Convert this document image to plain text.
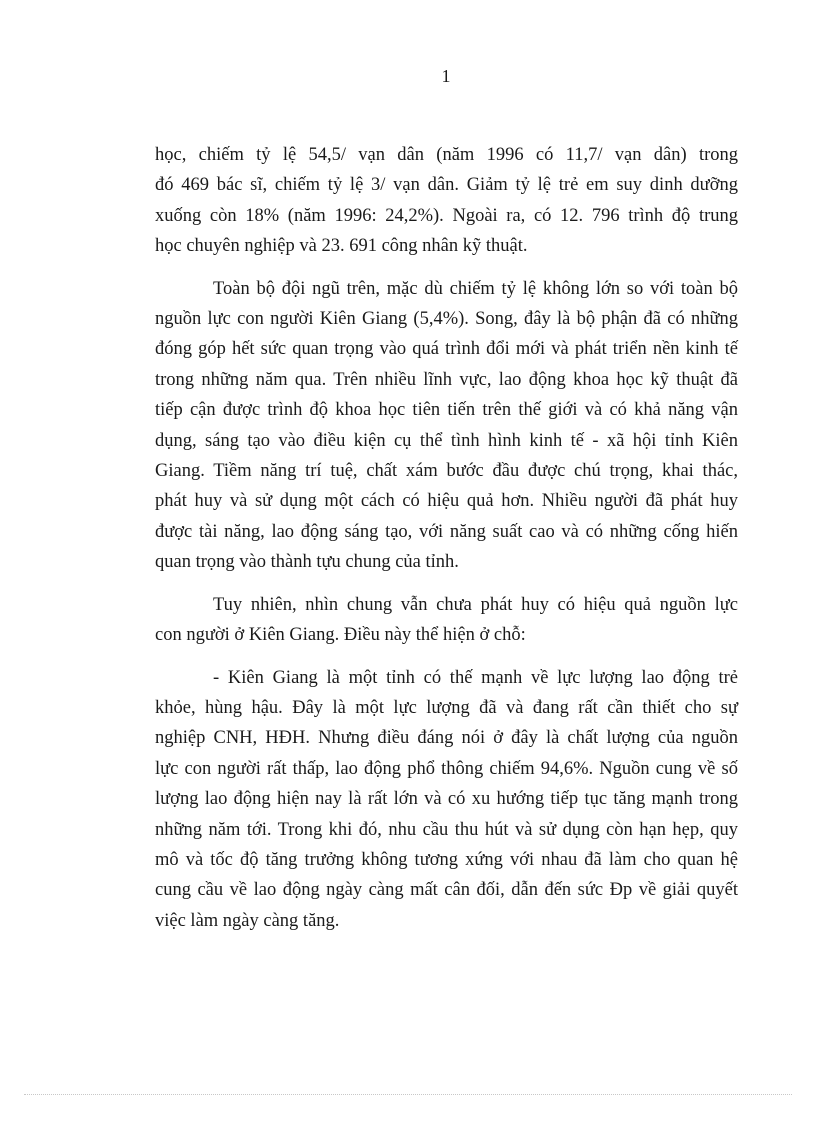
1

học, chiếm tỷ lệ 54,5/ vạn dân (năm 1996 có 11,7/ vạn dân) trong
đó 469 bác sĩ, chiếm tỷ lệ 3/ vạn dân. Giảm tỷ lệ trẻ em suy dinh dưỡng
xuống còn 18% (năm 1996: 24,2%). Ngoài ra, có 12. 796 trình độ trung
học chuyên nghiệp và 23. 691 công nhân kỹ thuật.

Toàn bộ đội ngũ trên, mặc dù chiếm tỷ lệ không lớn so với toàn bộ
nguồn lực con người Kiên Giang (5,4%). Song, đây là bộ phận đã có những
đóng góp hết sức quan trọng vào quá trình đổi mới và phát triển nền kinh tế
trong những năm qua. Trên nhiều lĩnh vực, lao động khoa học kỹ thuật đã
tiếp cận được trình độ khoa học tiên tiến trên thế giới và có khả năng vận
dụng, sáng tạo vào điều kiện cụ thể tình hình kinh tế - xã hội tỉnh Kiên
Giang. Tiềm năng trí tuệ, chất xám bước đầu được chú trọng, khai thác,
phát huy và sử dụng một cách có hiệu quả hơn. Nhiều người đã phát huy
được tài năng, lao động sáng tạo, với năng suất cao và có những cống hiến
quan trọng vào thành tựu chung của tỉnh.

Tuy nhiên, nhìn chung vẫn chưa phát huy có hiệu quả nguồn lực
con người ở Kiên Giang. Điều này thể hiện ở chỗ:

- Kiên Giang là một tỉnh có thế mạnh về lực lượng lao động trẻ
khỏe, hùng hậu. Đây là một lực lượng đã và đang rất cần thiết cho sự
nghiệp CNH, HĐH. Nhưng điều đáng nói ở đây là chất lượng của nguồn
lực con người rất thấp, lao động phổ thông chiếm 94,6%. Nguồn cung về số
lượng lao động hiện nay là rất lớn và có xu hướng tiếp tục tăng mạnh trong
những năm tới. Trong khi đó, nhu cầu thu hút và sử dụng còn hạn hẹp, quy
mô và tốc độ tăng trưởng không tương xứng với nhau đã làm cho quan hệ
cung cầu về lao động ngày càng mất cân đối, dẫn đến sức Đp về giải quyết
việc làm ngày càng tăng.
